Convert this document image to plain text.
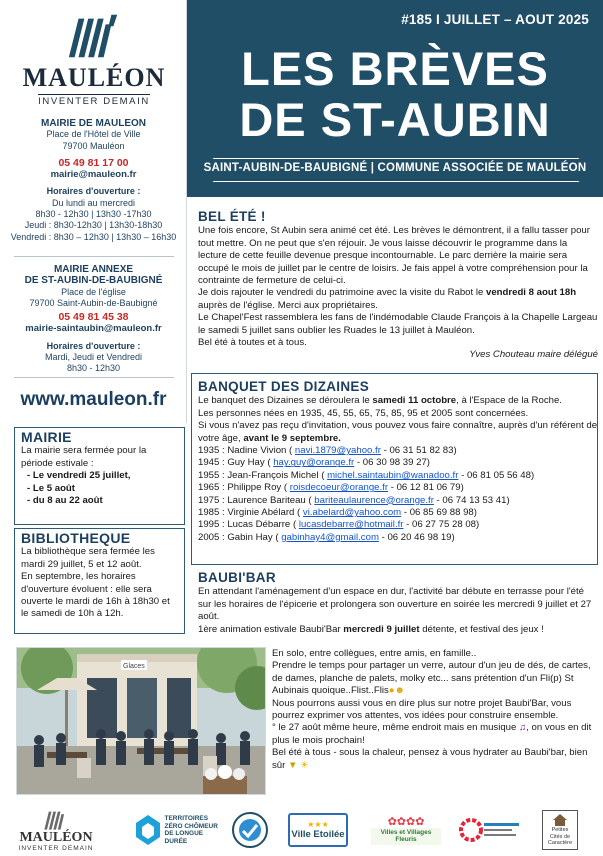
MAULÉON
INVENTER DEMAIN
MAIRIE DE MAULEON
Place de l'Hôtel de Ville
79700 Mauléon
05 49 81 17 00
mairie@mauleon.fr
Horaires d'ouverture :
Du lundi au mercredi
8h30 - 12h30 | 13h30 -17h30
Jeudi : 8h30-12h30 | 13h30-18h30
Vendredi : 8h30 – 12h30 | 13h30 – 16h30
MAIRIE ANNEXE
DE ST-AUBIN-DE-BAUBIGNÉ
Place de l'église
79700 Saint-Aubin-de-Baubigné
05 49 81 45 38
mairie-saintaubin@mauleon.fr
Horaires d'ouverture :
Mardi, Jeudi et Vendredi
8h30 - 12h30
www.mauleon.fr
#185 I JUILLET – AOUT 2025
LES BRÈVES
DE ST-AUBIN
SAINT-AUBIN-DE-BAUBIGNÉ | COMMUNE ASSOCIÉE DE MAULÉON
BEL ÉTÉ !

Une fois encore, St Aubin sera animé cet été. Les brèves le démontrent, il a fallu tasser pour tout mettre. On ne peut que s'en réjouir. Je vous laisse découvrir le programme dans la lecture de cette feuille devenue presque incontournable. Le parc derrière la mairie sera occupé le mois de juillet par le centre de loisirs. Je fais appel à votre compréhension pour la contrainte de fermeture de celui-ci.

Je dois rajouter le vendredi du patrimoine avec la visite du Rabot le vendredi 8 aout 18h auprès de l'église. Merci aux propriétaires.

Le Chapel'Fest rassemblera les fans de l'indémodable Claude François à la Chapelle Largeau le samedi 5 juillet sans oublier les Ruades le 13 juillet à Mauléon.

Bel été à toutes et à tous.

Yves Chouteau maire délégué

BANQUET DES DIZAINES

Le banquet des Dizaines se déroulera le samedi 11 octobre, à l'Espace de la Roche.

Les personnes nées en 1935, 45, 55, 65, 75, 85, 95 et 2005 sont concernées.

Si vous n'avez pas reçu d'invitation, vous pouvez vous faire connaître, auprès d'un référent de votre âge, avant le 9 septembre.

1935 : Nadine Vivion ( navi.1879@yahoo.fr - 06 31 51 82 83)
1945 : Guy Hay ( hay.guy@orange.fr - 06 30 98 39 27)
1955 : Jean-François Michel ( michel.saintaubin@wanadoo.fr - 06 81 05 56 48)
1965 : Philippe Roy ( roisdecoeur@orange.fr - 06 12 81 06 79)
1975 : Laurence Bariteau ( bariteaulaurence@orange.fr - 06 74 13 53 41)
1985 : Virginie Abélard ( vi.abelard@yahoo.com - 06 85 69 88 98)
1995 : Lucas Débarre ( lucasdebarre@hotmail.fr - 06 27 75 28 08)
2005 : Gabin Hay ( gabinhay4@gmail.com - 06 20 46 98 19)
BAUBI'BAR

En attendant l'aménagement d'un espace en dur, l'activité bar débute en terrasse pour l'été sur les horaires de l'épicerie et prolongera son ouverture en soirée les mercredi 9 juillet et 27 août.

1ère animation estivale Baubi'Bar mercredi 9 juillet détente, et festival des jeux !

MAIRIE

La mairie sera fermée pour la période estivale :

- Le vendredi 25 juillet,
- Le 5 août
- du 8 au 22 août
BIBLIOTHEQUE

La bibliothèque sera fermée les mardi 29 juillet, 5 et 12 août.

En septembre, les horaires d'ouverture évoluent : elle sera ouverte le mardi de 16h à 18h30 et le samedi de 10h à 12h.

Glaces

En solo, entre collègues, entre amis, en famille..

Prendre le temps pour partager un verre, autour d'un jeu de dés, de cartes, de dames, planche de palets, molky etc... sans prétention d'un Fli(p) St Aubinais quoique..Flist..Flis●☻

Nous pourrons aussi vous en dire plus sur notre projet Baubi'Bar, vous pourrez exprimer vos attentes, vos idées pour construire ensemble.

° le 27 août même heure, même endroit mais en musique ♫, on vous en dit plus le mois prochain!

Bel été à tous - sous la chaleur, pensez à vous hydrater au Baubi'bar, bien sûr ▼ ☀

MAULÉON
INVENTER DEMAIN
TERRITOIRES ZÉRO CHÔMEUR DE LONGUE DURÉE
★★★
Ville Etoilée
✿✿✿✿
Villes et Villages Fleuris
Petites Cités de Caractère
